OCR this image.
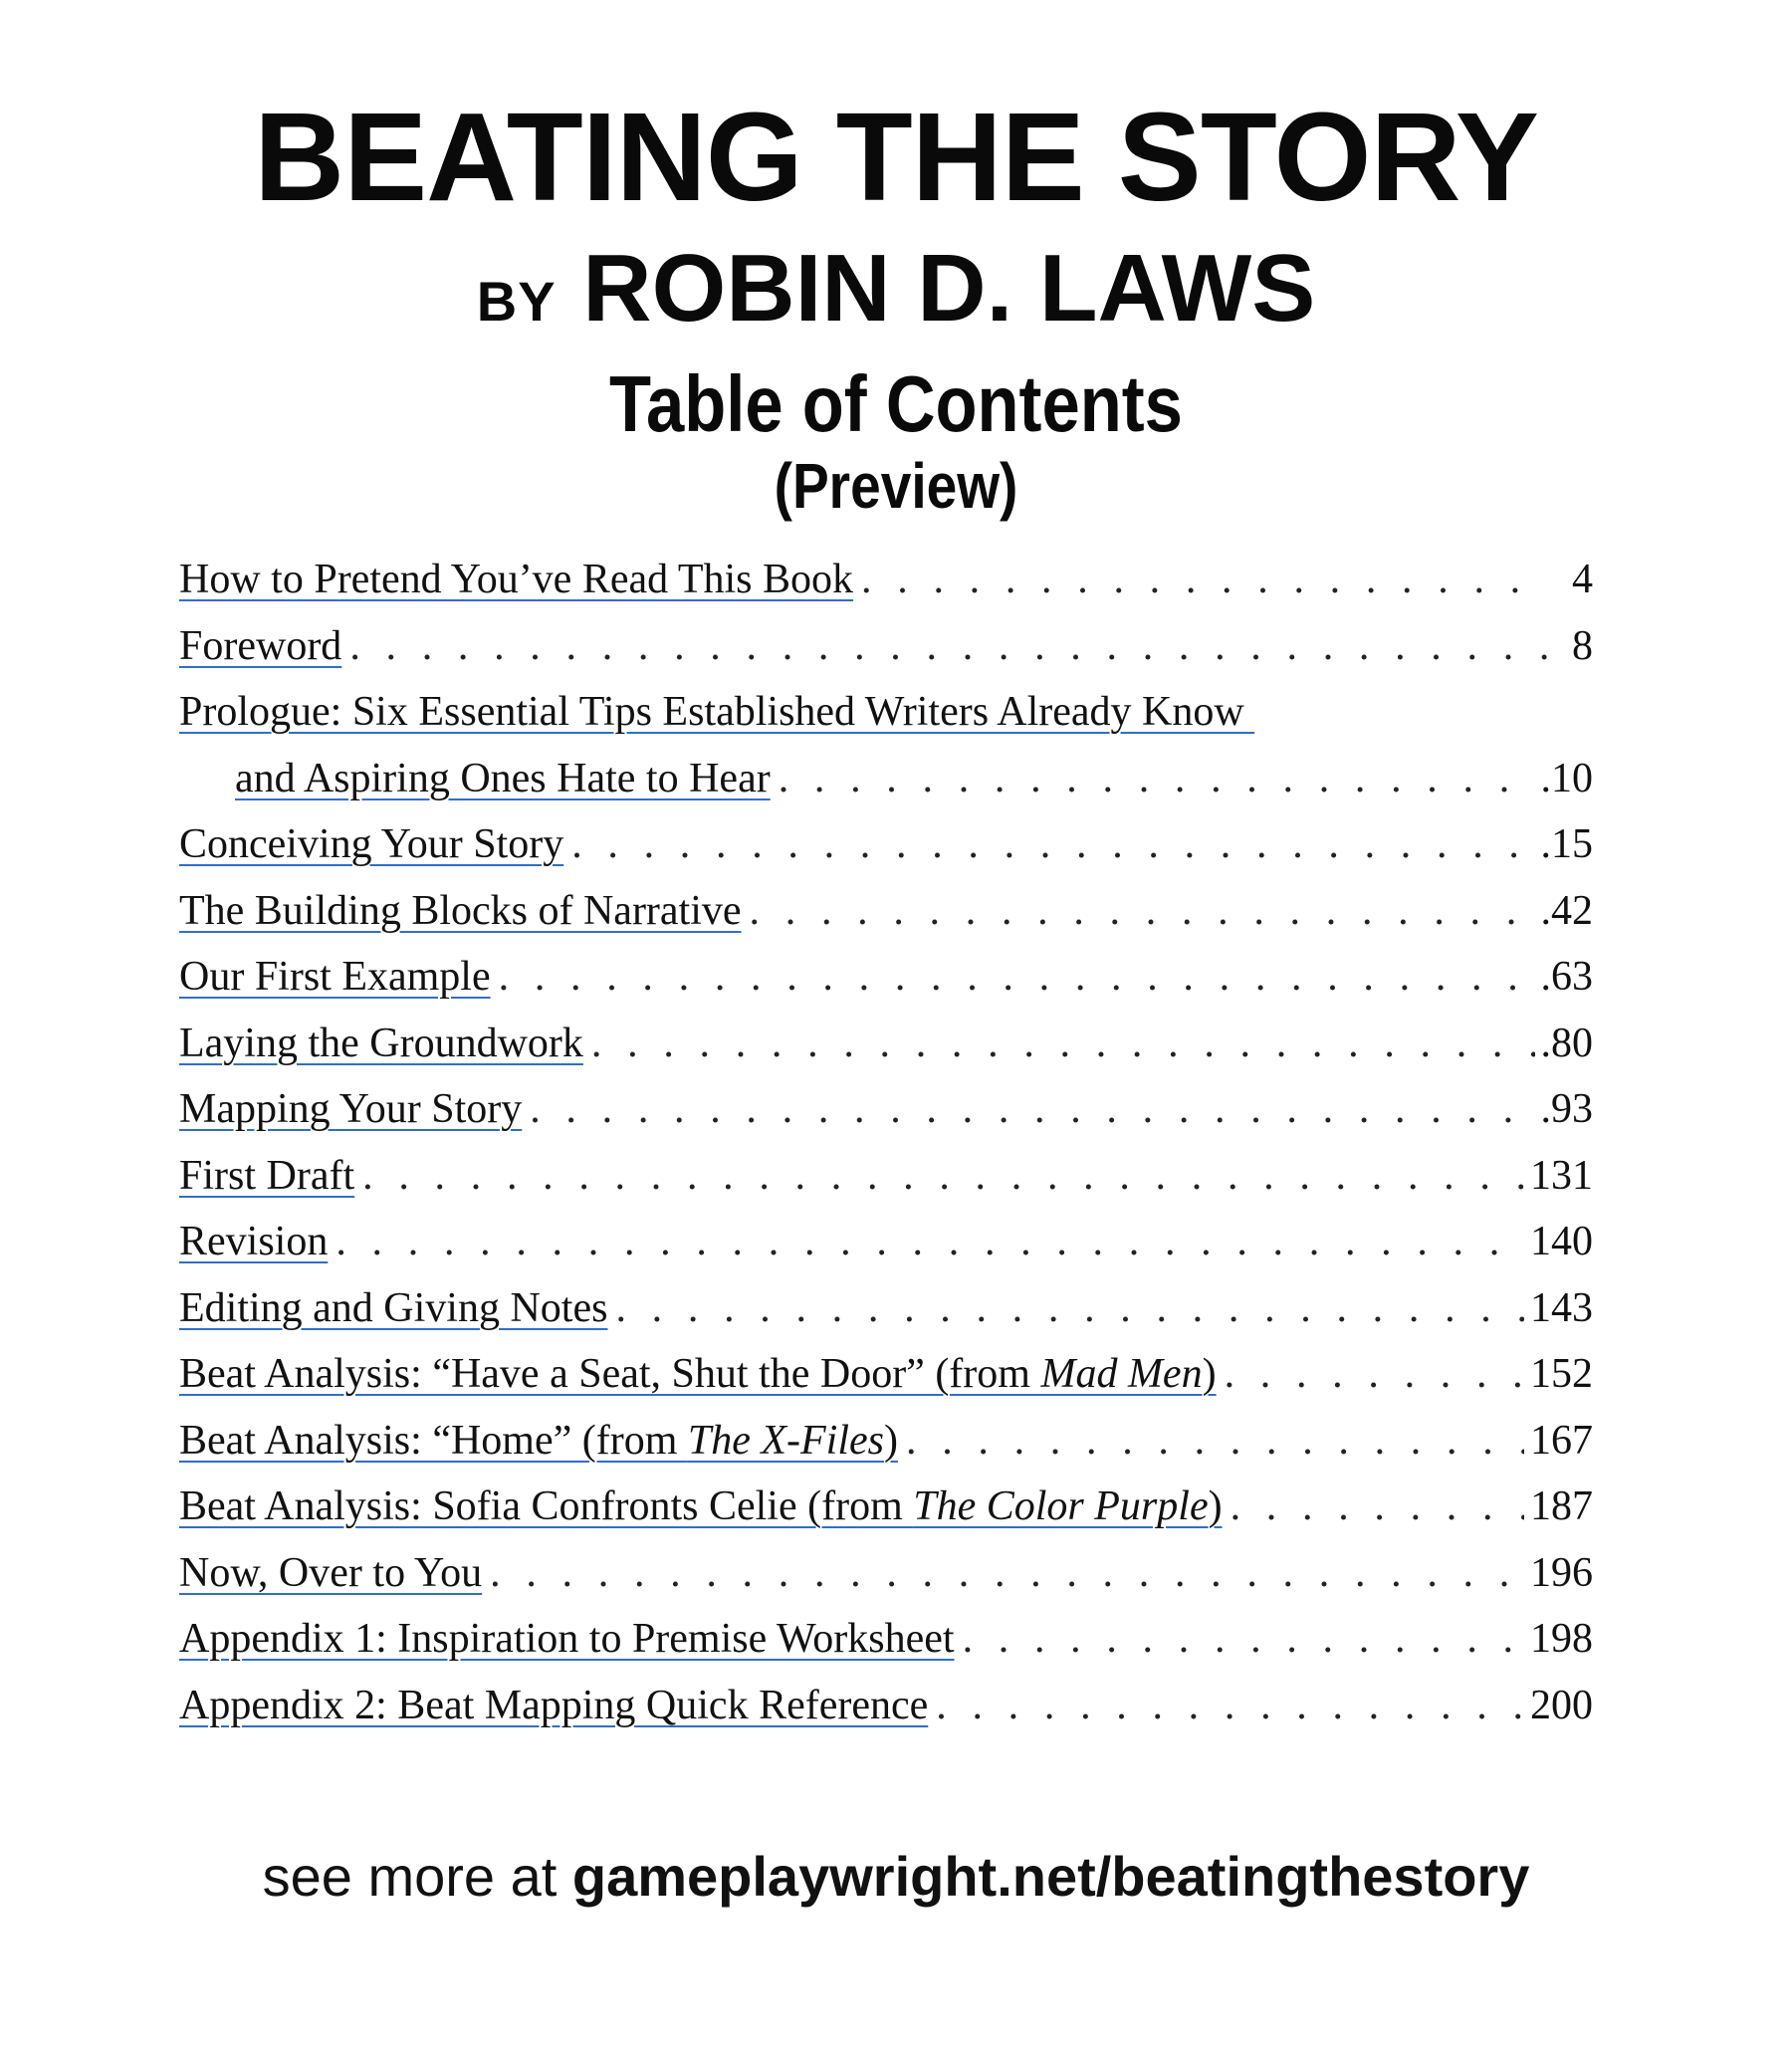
BEATING THE STORY
BY ROBIN D. LAWS
Table of Contents
(Preview)
How to Pretend You’ve Read This Book . . .	4
Foreword . . .	8
Prologue: Six Essential Tips Established Writers Already Know
and Aspiring Ones Hate to Hear . . .	.10
Conceiving Your Story . . .	.15
The Building Blocks of Narrative . . .	.42
Our First Example . . .	.63
Laying the Groundwork . . .	.80
Mapping Your Story . . .	.93
First Draft . . .	131
Revision . . .	140
Editing and Giving Notes . . .	143
Beat Analysis: “Have a Seat, Shut the Door” (from Mad Men) . . .	152
Beat Analysis: “Home” (from The X-Files) . . .	167
Beat Analysis: Sofia Confronts Celie (from The Color Purple) . . .	187
Now, Over to You . . .	196
Appendix 1: Inspiration to Premise Worksheet . . .	198
Appendix 2: Beat Mapping Quick Reference . . .	200
see more at gameplaywright.net/beatingthestory
